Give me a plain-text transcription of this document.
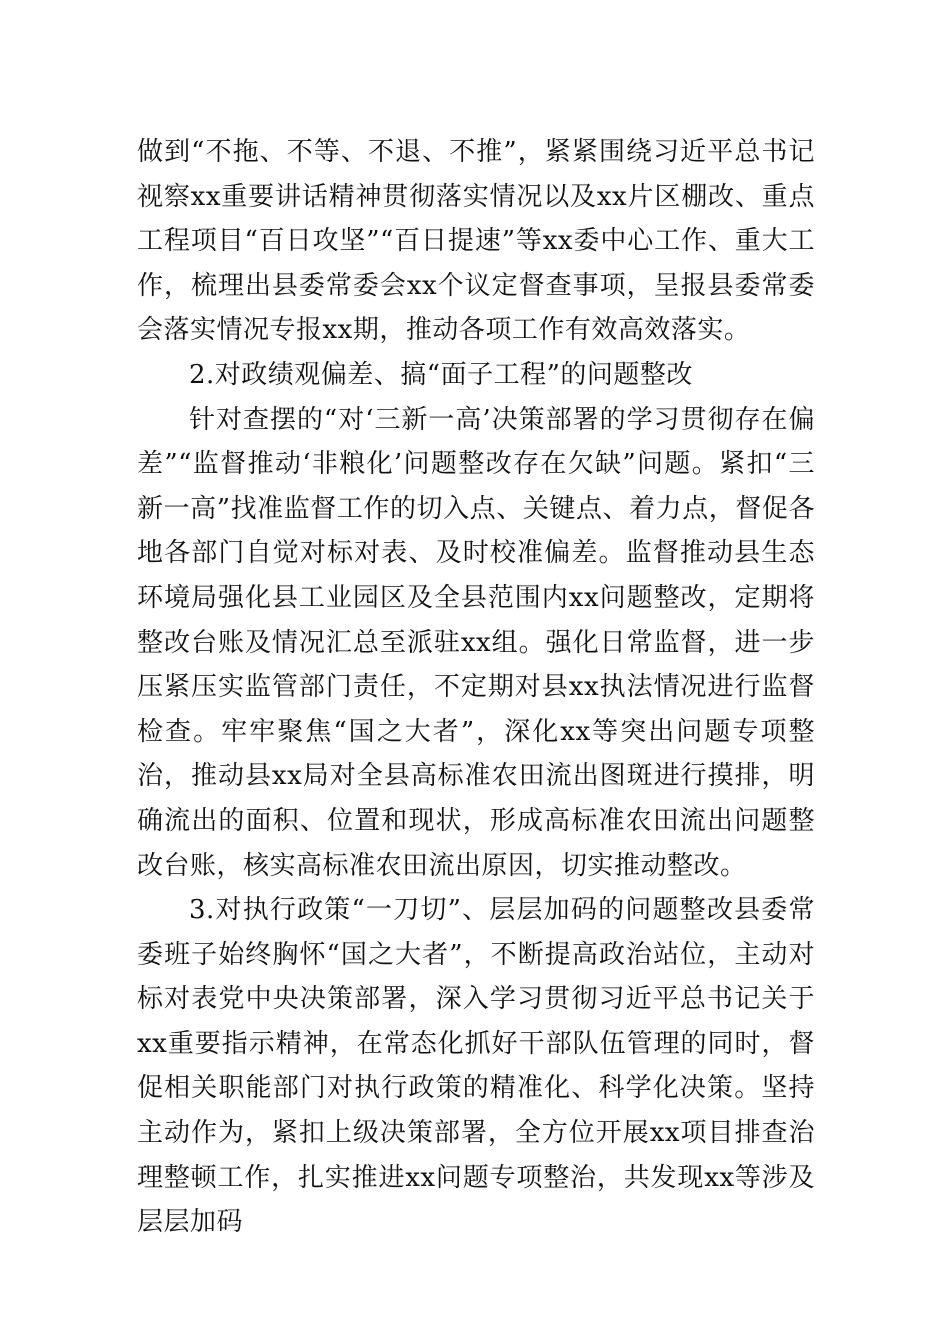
做到“不拖、不等、不退、不推”，紧紧围绕习近平总书记视察xx重要讲话精神贯彻落实情况以及xx片区棚改、重点工程项目“百日攻坚”“百日提速”等xx委中心工作、重大工作，梳理出县委常委会xx个议定督查事项，呈报县委常委会落实情况专报xx期，推动各项工作有效高效落实。

2.对政绩观偏差、搞“面子工程”的问题整改

针对查摆的“对‘三新一高’决策部署的学习贯彻存在偏差”“监督推动‘非粮化’问题整改存在欠缺”问题。紧扣“三新一高”找准监督工作的切入点、关键点、着力点，督促各地各部门自觉对标对表、及时校准偏差。监督推动县生态环境局强化县工业园区及全县范围内xx问题整改，定期将整改台账及情况汇总至派驻xx组。强化日常监督，进一步压紧压实监管部门责任，不定期对县xx执法情况进行监督检查。牢牢聚焦“国之大者”，深化xx等突出问题专项整治，推动县xx局对全县高标准农田流出图斑进行摸排，明确流出的面积、位置和现状，形成高标准农田流出问题整改台账，核实高标准农田流出原因，切实推动整改。

3.对执行政策“一刀切”、层层加码的问题整改县委常委班子始终胸怀“国之大者”，不断提高政治站位，主动对标对表党中央决策部署，深入学习贯彻习近平总书记关于xx重要指示精神，在常态化抓好干部队伍管理的同时，督促相关职能部门对执行政策的精准化、科学化决策。坚持主动作为，紧扣上级决策部署，全方位开展xx项目排查治理整顿工作，扎实推进xx问题专项整治，共发现xx等涉及层层加码
